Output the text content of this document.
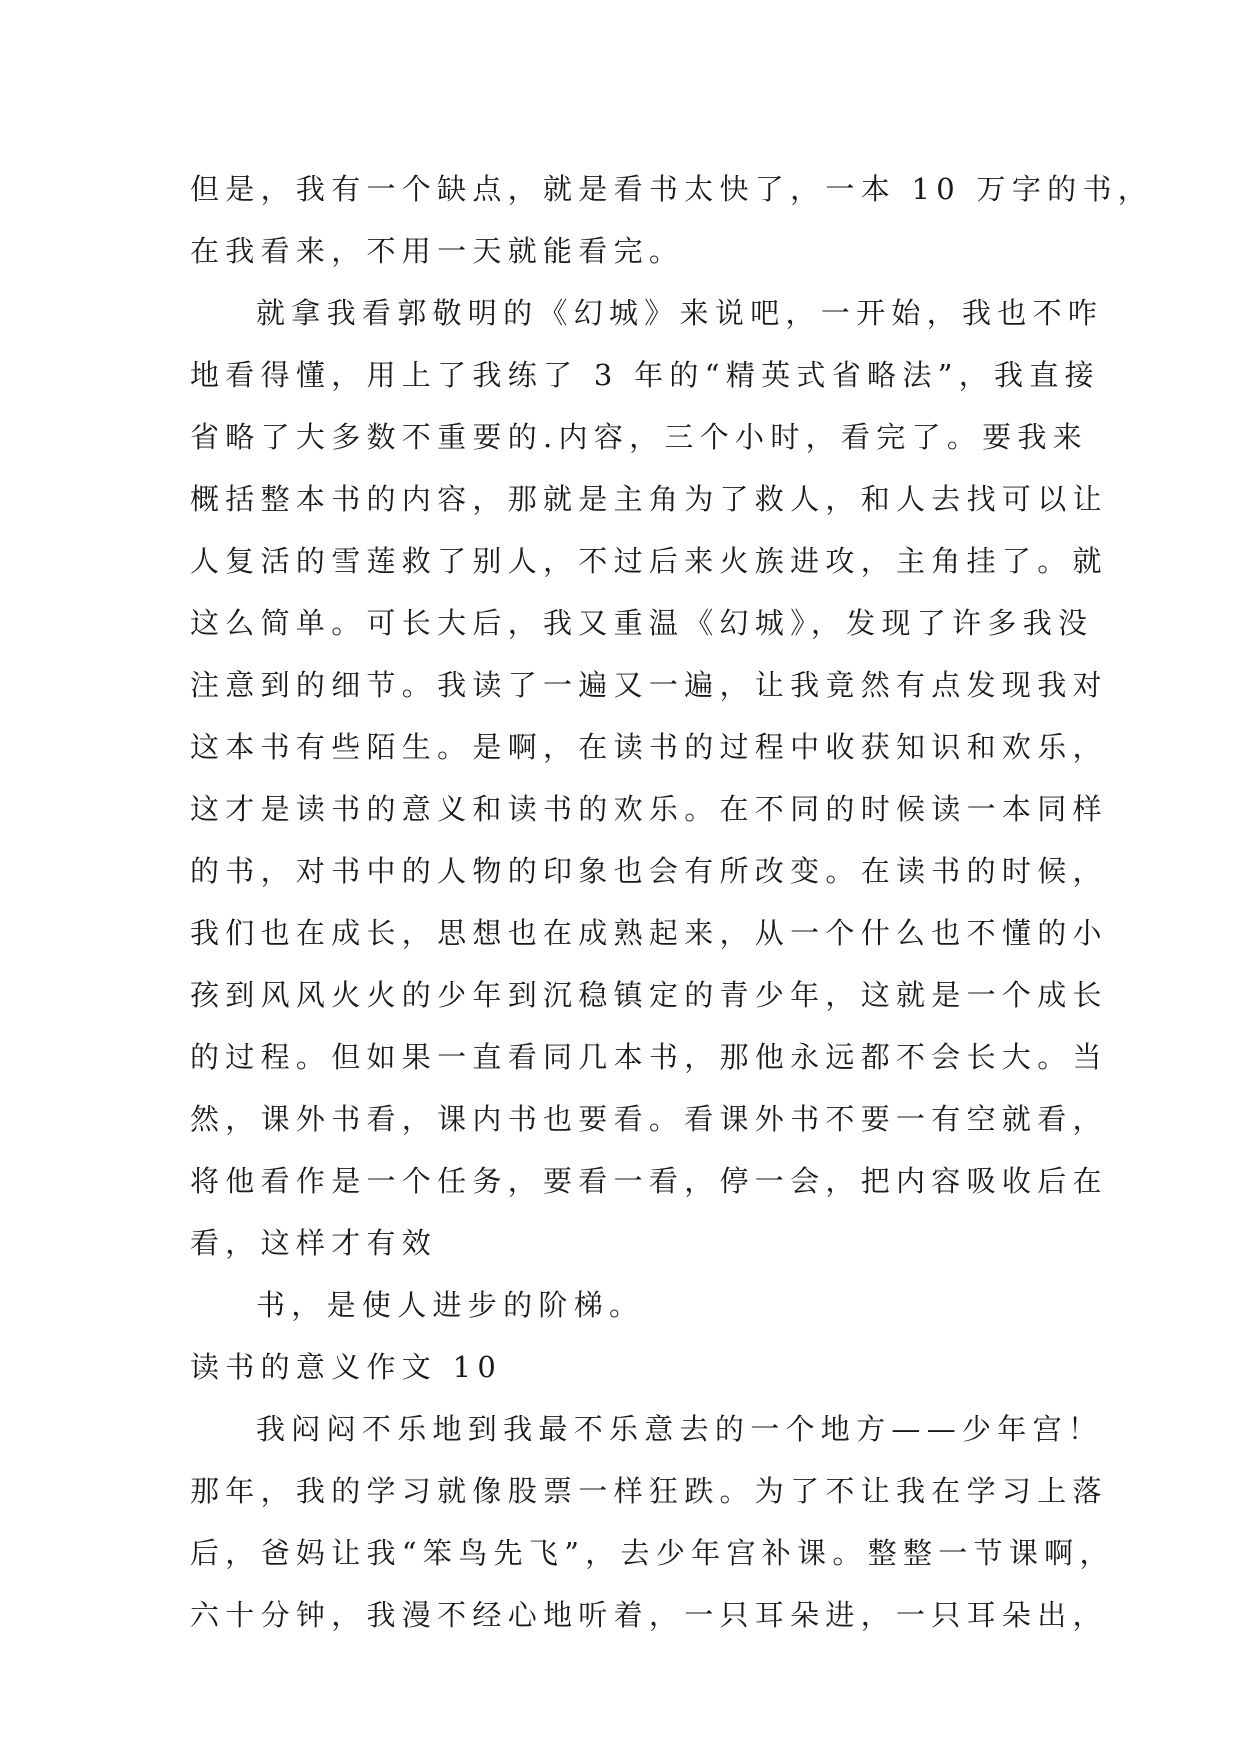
但是，我有一个缺点，就是看书太快了，一本 10 万字的书，
在我看来，不用一天就能看完。
就拿我看郭敬明的《幻城》来说吧，一开始，我也不咋
地看得懂，用上了我练了 3 年的“精英式省略法”，我直接
省略了大多数不重要的.内容，三个小时，看完了。要我来
概括整本书的内容，那就是主角为了救人，和人去找可以让
人复活的雪莲救了别人，不过后来火族进攻，主角挂了。就
这么简单。可长大后，我又重温《幻城》，发现了许多我没
注意到的细节。我读了一遍又一遍，让我竟然有点发现我对
这本书有些陌生。是啊，在读书的过程中收获知识和欢乐，
这才是读书的意义和读书的欢乐。在不同的时候读一本同样
的书，对书中的人物的印象也会有所改变。在读书的时候，
我们也在成长，思想也在成熟起来，从一个什么也不懂的小
孩到风风火火的少年到沉稳镇定的青少年，这就是一个成长
的过程。但如果一直看同几本书，那他永远都不会长大。当
然，课外书看，课内书也要看。看课外书不要一有空就看，
将他看作是一个任务，要看一看，停一会，把内容吸收后在
看，这样才有效
书，是使人进步的阶梯。
读书的意义作文 10
我闷闷不乐地到我最不乐意去的一个地方——少年宫！
那年，我的学习就像股票一样狂跌。为了不让我在学习上落
后，爸妈让我“笨鸟先飞”，去少年宫补课。整整一节课啊，
六十分钟，我漫不经心地听着，一只耳朵进，一只耳朵出，
